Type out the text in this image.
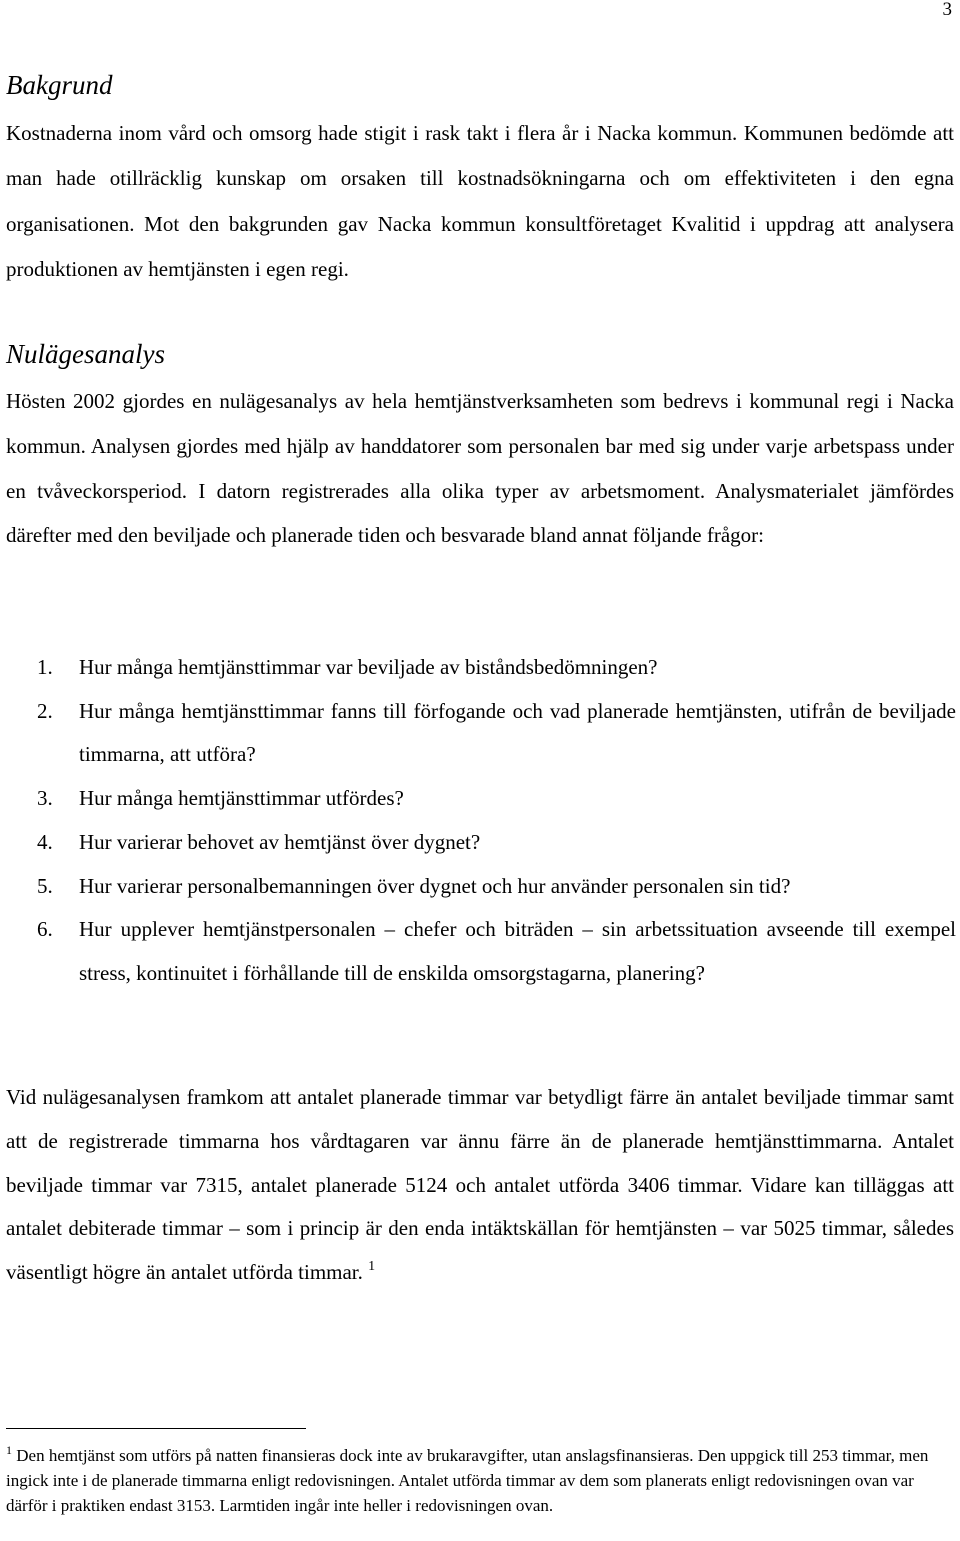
3
Bakgrund

Kostnaderna inom vård och omsorg hade stigit i rask takt i flera år i Nacka kommun. Kommunen bedömde att man hade otillräcklig kunskap om orsaken till kostnadsökningarna och om effektiviteten i den egna organisationen. Mot den bakgrunden gav Nacka kommun konsultföretaget Kvalitid i uppdrag att analysera produktionen av hemtjänsten i egen regi.

Nulägesanalys

Hösten 2002 gjordes en nulägesanalys av hela hemtjänstverksamheten som bedrevs i kommunal regi i Nacka kommun. Analysen gjordes med hjälp av handdatorer som personalen bar med sig under varje arbetspass under en tvåveckorsperiod. I datorn registrerades alla olika typer av arbetsmoment. Analysmaterialet jämfördes därefter med den beviljade och planerade tiden och besvarade bland annat följande frågor:

1. Hur många hemtjänsttimmar var beviljade av biståndsbedömningen?
2. Hur många hemtjänsttimmar fanns till förfogande och vad planerade hemtjänsten, utifrån de beviljade timmarna, att utföra?
3. Hur många hemtjänsttimmar utfördes?
4. Hur varierar behovet av hemtjänst över dygnet?
5. Hur varierar personalbemanningen över dygnet och hur använder personalen sin tid?
6. Hur upplever hemtjänstpersonalen – chefer och biträden – sin arbetssituation avseende till exempel stress, kontinuitet i förhållande till de enskilda omsorgstagarna, planering?

Vid nulägesanalysen framkom att antalet planerade timmar var betydligt färre än antalet beviljade timmar samt att de registrerade timmarna hos vårdtagaren var ännu färre än de planerade hemtjänsttimmarna. Antalet beviljade timmar var 7315, antalet planerade 5124 och antalet utförda 3406 timmar. Vidare kan tilläggas att antalet debiterade timmar – som i princip är den enda intäktskällan för hemtjänsten – var 5025 timmar, således väsentligt högre än antalet utförda timmar. $^1$

$^1$ Den hemtjänst som utförs på natten finansieras dock inte av brukaravgifter, utan anslagsfinansieras. Den uppgick till 253 timmar, men ingick inte i de planerade timmarna enligt redovisningen. Antalet utförda timmar av dem som planerats enligt redovisningen ovan var därför i praktiken endast 3153. Larmtiden ingår inte heller i redovisningen ovan.
